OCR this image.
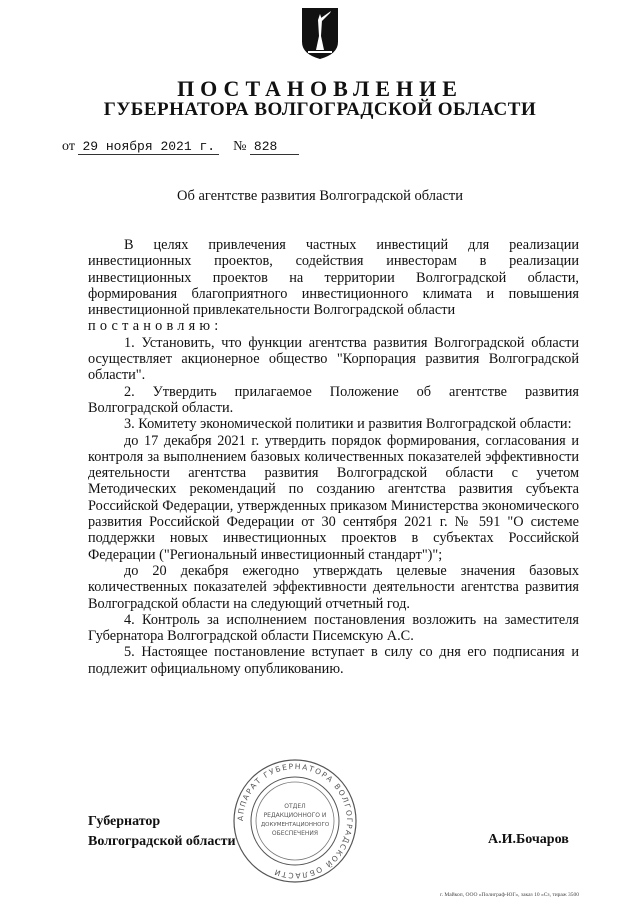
ПОСТАНОВЛЕНИЕ
ГУБЕРНАТОРА ВОЛГОГРАДСКОЙ ОБЛАСТИ
от 29 ноября 2021 г. № 828
Об агентстве развития Волгоградской области

В целях привлечения частных инвестиций для реализации инвестиционных проектов, содействия инвесторам в реализации инвестиционных проектов на территории Волгоградской области, формирования благоприятного инвестиционного климата и повышения инвестиционной привлекательности Волгоградской области

постановляю:

1. Установить, что функции агентства развития Волгоградской области осуществляет акционерное общество "Корпорация развития Волгоградской области".

2. Утвердить прилагаемое Положение об агентстве развития Волгоградской области.

3. Комитету экономической политики и развития Волгоградской области:

до 17 декабря 2021 г. утвердить порядок формирования, согласования и контроля за выполнением базовых количественных показателей эффективности деятельности агентства развития Волгоградской области с учетом Методических рекомендаций по созданию агентства развития субъекта Российской Федерации, утвержденных приказом Министерства экономического развития Российской Федерации от 30 сентября 2021 г. № 591 "О системе поддержки новых инвестиционных проектов в субъектах Российской Федерации ("Региональный инвестиционный стандарт")";

до 20 декабря ежегодно утверждать целевые значения базовых количественных показателей эффективности деятельности агентства развития Волгоградской области на следующий отчетный год.

4. Контроль за исполнением постановления возложить на заместителя Губернатора Волгоградской области Писемскую А.С.

5. Настоящее постановление вступает в силу со дня его подписания и подлежит официальному опубликованию.

Губернатор
Волгоградской области	А.И.Бочаров
АППАРАТ ГУБЕРНАТОРА ВОЛГОГРАДСКОЙ ОБЛАСТИ
ОТДЕЛ
РЕДАКЦИОННОГО И
ДОКУМЕНТАЦИОННОГО
ОБЕСПЕЧЕНИЯ
г. Майкоп, ООО «Полиграф-ЮГ», заказ 10 «Сз, тираж 3500
